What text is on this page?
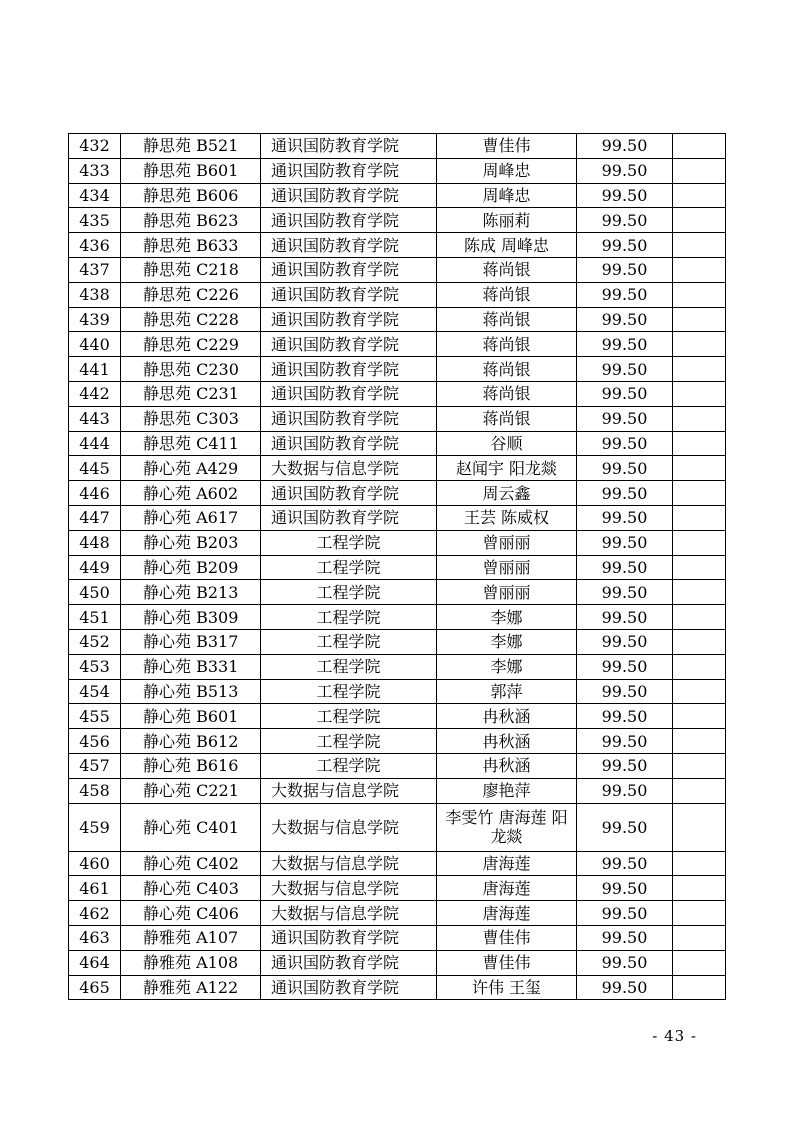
432	静思苑 B521	通识国防教育学院	曹佳伟	99.50	
433	静思苑 B601	通识国防教育学院	周峰忠	99.50	
434	静思苑 B606	通识国防教育学院	周峰忠	99.50	
435	静思苑 B623	通识国防教育学院	陈丽莉	99.50	
436	静思苑 B633	通识国防教育学院	陈成 周峰忠	99.50	
437	静思苑 C218	通识国防教育学院	蒋尚银	99.50	
438	静思苑 C226	通识国防教育学院	蒋尚银	99.50	
439	静思苑 C228	通识国防教育学院	蒋尚银	99.50	
440	静思苑 C229	通识国防教育学院	蒋尚银	99.50	
441	静思苑 C230	通识国防教育学院	蒋尚银	99.50	
442	静思苑 C231	通识国防教育学院	蒋尚银	99.50	
443	静思苑 C303	通识国防教育学院	蒋尚银	99.50	
444	静思苑 C411	通识国防教育学院	谷顺	99.50	
445	静心苑 A429	大数据与信息学院	赵闻宇 阳龙燚	99.50	
446	静心苑 A602	通识国防教育学院	周云鑫	99.50	
447	静心苑 A617	通识国防教育学院	王芸 陈威权	99.50	
448	静心苑 B203	工程学院	曾丽丽	99.50	
449	静心苑 B209	工程学院	曾丽丽	99.50	
450	静心苑 B213	工程学院	曾丽丽	99.50	
451	静心苑 B309	工程学院	李娜	99.50	
452	静心苑 B317	工程学院	李娜	99.50	
453	静心苑 B331	工程学院	李娜	99.50	
454	静心苑 B513	工程学院	郭萍	99.50	
455	静心苑 B601	工程学院	冉秋涵	99.50	
456	静心苑 B612	工程学院	冉秋涵	99.50	
457	静心苑 B616	工程学院	冉秋涵	99.50	
458	静心苑 C221	大数据与信息学院	廖艳萍	99.50	
459	静心苑 C401	大数据与信息学院	李雯竹 唐海莲 阳龙燚	99.50	
460	静心苑 C402	大数据与信息学院	唐海莲	99.50	
461	静心苑 C403	大数据与信息学院	唐海莲	99.50	
462	静心苑 C406	大数据与信息学院	唐海莲	99.50	
463	静雅苑 A107	通识国防教育学院	曹佳伟	99.50	
464	静雅苑 A108	通识国防教育学院	曹佳伟	99.50	
465	静雅苑 A122	通识国防教育学院	许伟 王玺	99.50	
- 43 -
